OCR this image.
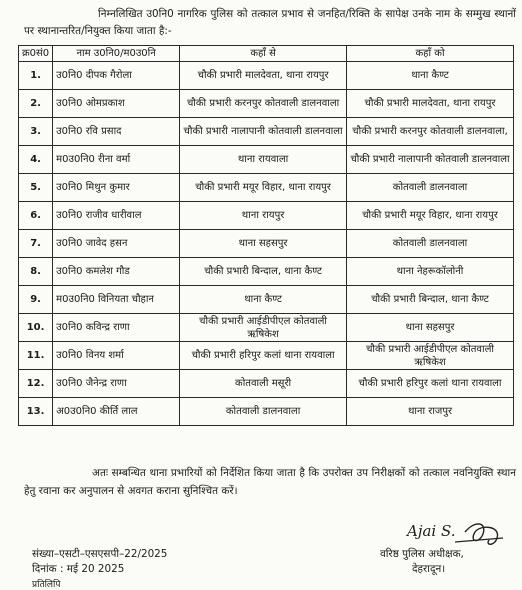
निम्नलिखित उ0नि0 नागरिक पुलिस को तत्काल प्रभाव से जनहित/रिक्ति के सापेक्ष उनके नाम के सम्मुख स्थानों पर स्थानान्तरित/नियुक्त किया जाता है:-
क्र0सं0	नाम उ0नि0/म0उ0नि	कहाँ से	कहाँ को
1.	उ0नि0 दीपक गैरोला	चौकी प्रभारी मालदेवता, थाना रायपुर	थाना कैण्ट
2.	उ0नि0 ओमप्रकाश	चौकी प्रभारी करनपुर कोतवाली डालनवाला	चौकी प्रभारी मालदेवता, थाना रायपुर
3.	उ0नि0 रवि प्रसाद	चौकी प्रभारी नालापानी कोतवाली डालनवाला	चौकी प्रभारी करनपुर कोतवाली डालनवाला,
4.	म0उ0नि0 रीना वर्मा	थाना रायवाला	चौकी प्रभारी नालापानी कोतवाली डालनवाला
5.	उ0नि0 मिथुन कुमार	चौकी प्रभारी मयूर विहार, थाना रायपुर	कोतवाली डालनवाला
6.	उ0नि0 राजीव धारीवाल	थाना रायपुर	चौकी प्रभारी मयूर विहार, थाना रायपुर
7.	उ0नि0 जावेद हसन	थाना सहसपुर	कोतवाली डालनवाला
8.	उ0नि0 कमलेश गौड	चौकी प्रभारी बिन्दाल, थाना कैण्ट	थाना नेहरूकॉलोनी
9.	म0उ0नि0 विनियता चौहान	थाना कैण्ट	चौकी प्रभारी बिन्दाल, थाना कैण्ट
10.	उ0नि0 कविन्द्र राणा	चौकी प्रभारी आईडीपीएल कोतवाली ऋषिकेश	थाना सहसपुर
11.	उ0नि0 विनय शर्मा	चौकी प्रभारी हरिपुर कलां थाना रायवाला	चौकी प्रभारी आईडीपीएल कोतवाली ऋषिकेश
12.	उ0नि0 जैनेन्द्र राणा	कोतवाली मसूरी	चौकी प्रभारी हरिपुर कलां थाना रायवाला
13.	अ0उ0नि0 कीर्ति लाल	कोतवाली डालनवाला	थाना राजपुर
अतः सम्बन्धित थाना प्रभारियों को निर्देशित किया जाता है कि उपरोक्त उप निरीक्षकों को तत्काल नवनियुक्ति स्थान हेतु रवाना कर अनुपालन से अवगत कराना सुनिश्चित करें।
Ajai S.
संख्या–एसटी–एसएसपी–22/2025
दिनांक : मई 20 2025
प्रतिलिपि
वरिष्ठ पुलिस अधीक्षक,
देहरादून।
